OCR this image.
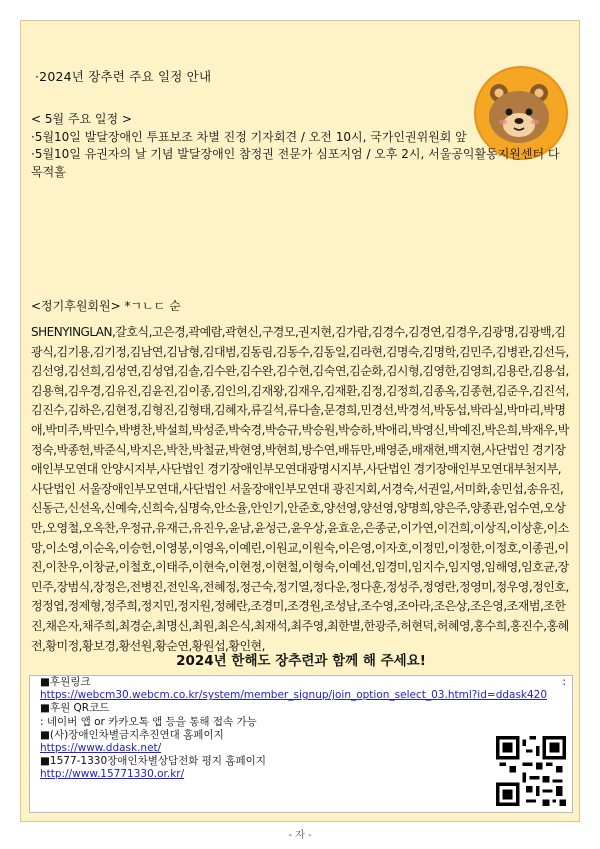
·2024년 장추련 주요 일정 안내
< 5월 주요 일정 >
·5월10일 발달장애인 투표보조 차별 진정 기자회견 / 오전 10시, 국가인권위원회 앞
·5월10일 유권자의 날 기념 발달장애인 참정권 전문가 심포지엄 / 오후 2시, 서울공익활동지원센터 다목적홀
<정기후원회원> *ㄱㄴㄷ 순
SHENYINGLAN,갈호식,고은경,곽예람,곽현신,구경모,권지현,김가람,김경수,김경연,김경우,김광명,김광백,김광식,김기용,김기정,김남연,김남형,김대범,김동림,김동수,김동일,김라현,김명숙,김명학,김민주,김병관,김선득,김선영,김선희,김성연,김성엽,김솔,김수완,김수완,김수현,김숙연,김순화,김시형,김영한,김영희,김용란,김용섭,김용혁,김우경,김유진,김윤진,김이종,김인의,김재왕,김재우,김재환,김정,김정희,김종옥,김종현,김준우,김진석,김진수,김하은,김현정,김형진,김형태,김혜자,류길석,류다솔,문경희,민경선,박경석,박동섭,박라실,박마리,박명애,박미주,박민수,박병찬,박설희,박성준,박숙경,박승규,박승원,박승하,박애리,박영신,박예진,박은희,박재우,박정숙,박종헌,박준식,박지은,박찬,박철균,박현영,박현희,방수연,배듀만,배영준,배재현,백지현,사단법인 경기장애인부모연대 안양시지부,사단법인 경기장애인부모연대광명시지부,사단법인 경기장애인부모연대부천지부,사단법인 서울장애인부모연대,사단법인 서울장애인부모연대 광진지회,서경숙,서권일,서미화,송민섭,송유진,신동근,신선옥,신예숙,신희숙,심명숙,안소율,안인기,안준호,양선영,양선영,양명희,양은주,양종관,엄수연,오상만,오영철,오옥찬,우정규,유재근,유진우,윤남,윤성근,윤우상,윤효운,은종군,이가연,이건희,이상직,이상훈,이소망,이소영,이순옥,이승헌,이영봉,이영옥,이예린,이원교,이원숙,이은영,이자호,이정민,이정한,이정호,이종권,이진,이찬우,이창균,이철호,이태주,이현숙,이현정,이현철,이형숙,이예선,임경미,임지수,임지영,임해영,임호균,장민주,장범식,장정은,전병진,전인옥,전혜정,정근숙,정기열,정다운,정다훈,정성주,정영란,정영미,정우영,정인호,정정엽,정제형,정주희,정지민,정지원,정혜란,조경미,조경원,조성남,조수영,조아라,조은상,조은영,조재범,조한진,채은자,채주희,최경순,최명신,최원,최은식,최재석,최주영,최한별,한광주,허현덕,허혜영,홍수희,홍진수,홍혜전,황미정,황보경,황선원,황순연,황원섭,황인현,
2024년 한해도 장추련과 함께 해 주세요!
■후원링크	:
https://webcm30.webcm.co.kr/system/member_signup/join_option_select_03.html?id=ddask420
■후원 QR코드
: 네이버 앱 or 카카오톡 앱 등을 통해 접속 가능
■(사)장애인차별금지추진연대 홈페이지
https://www.ddask.net/
■1577-1330장애인차별상담전화 평지 홈페이지
http://www.15771330.or.kr/
- 자 -
